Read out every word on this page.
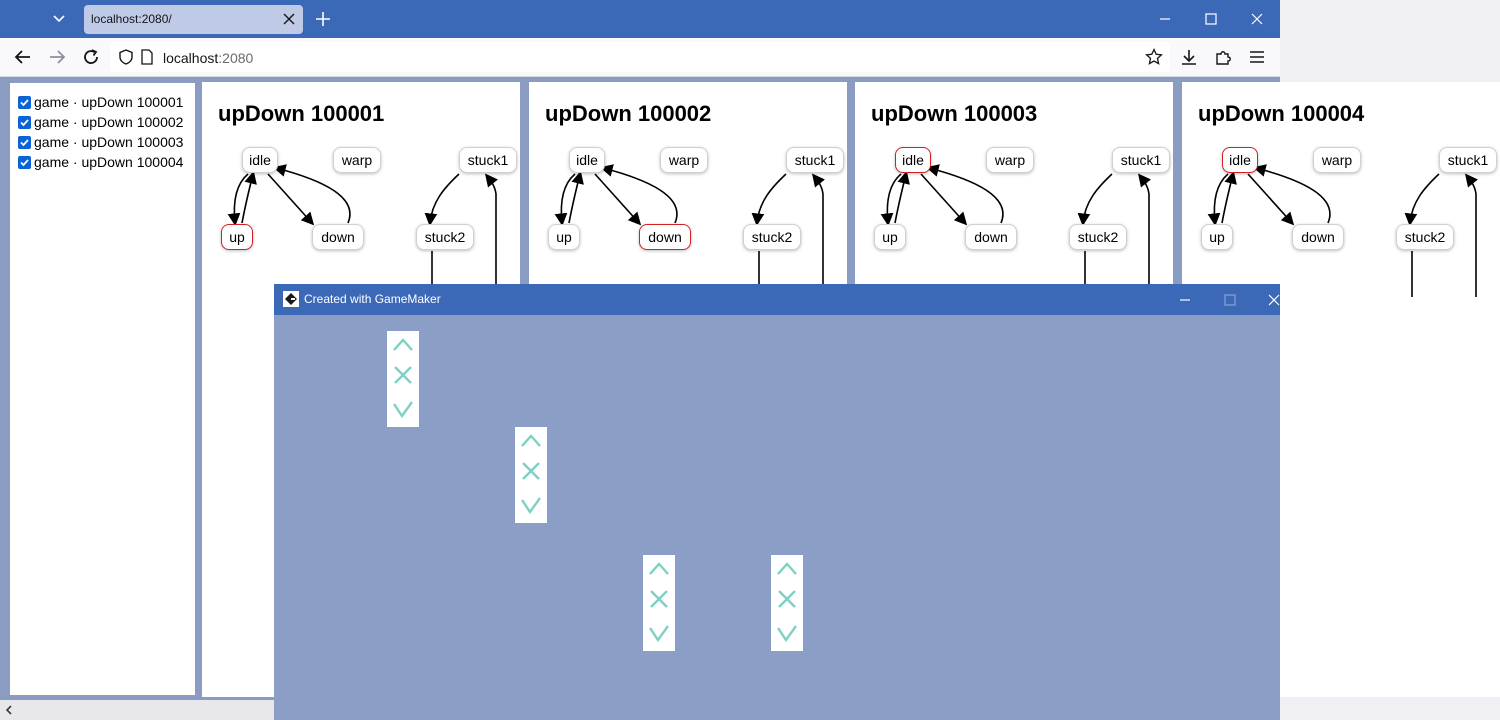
localhost:2080/
localhost:2080
game · upDown 100001
game · upDown 100002
game · upDown 100003
game · upDown 100004
upDown 100001
idle	warp	stuck1
up	down	stuck2
upDown 100002
idle	warp	stuck1
up	down	stuck2
upDown 100003
idle	warp	stuck1
up	down	stuck2
upDown 100004
idle	warp	stuck1
up	down	stuck2
Created with GameMaker
